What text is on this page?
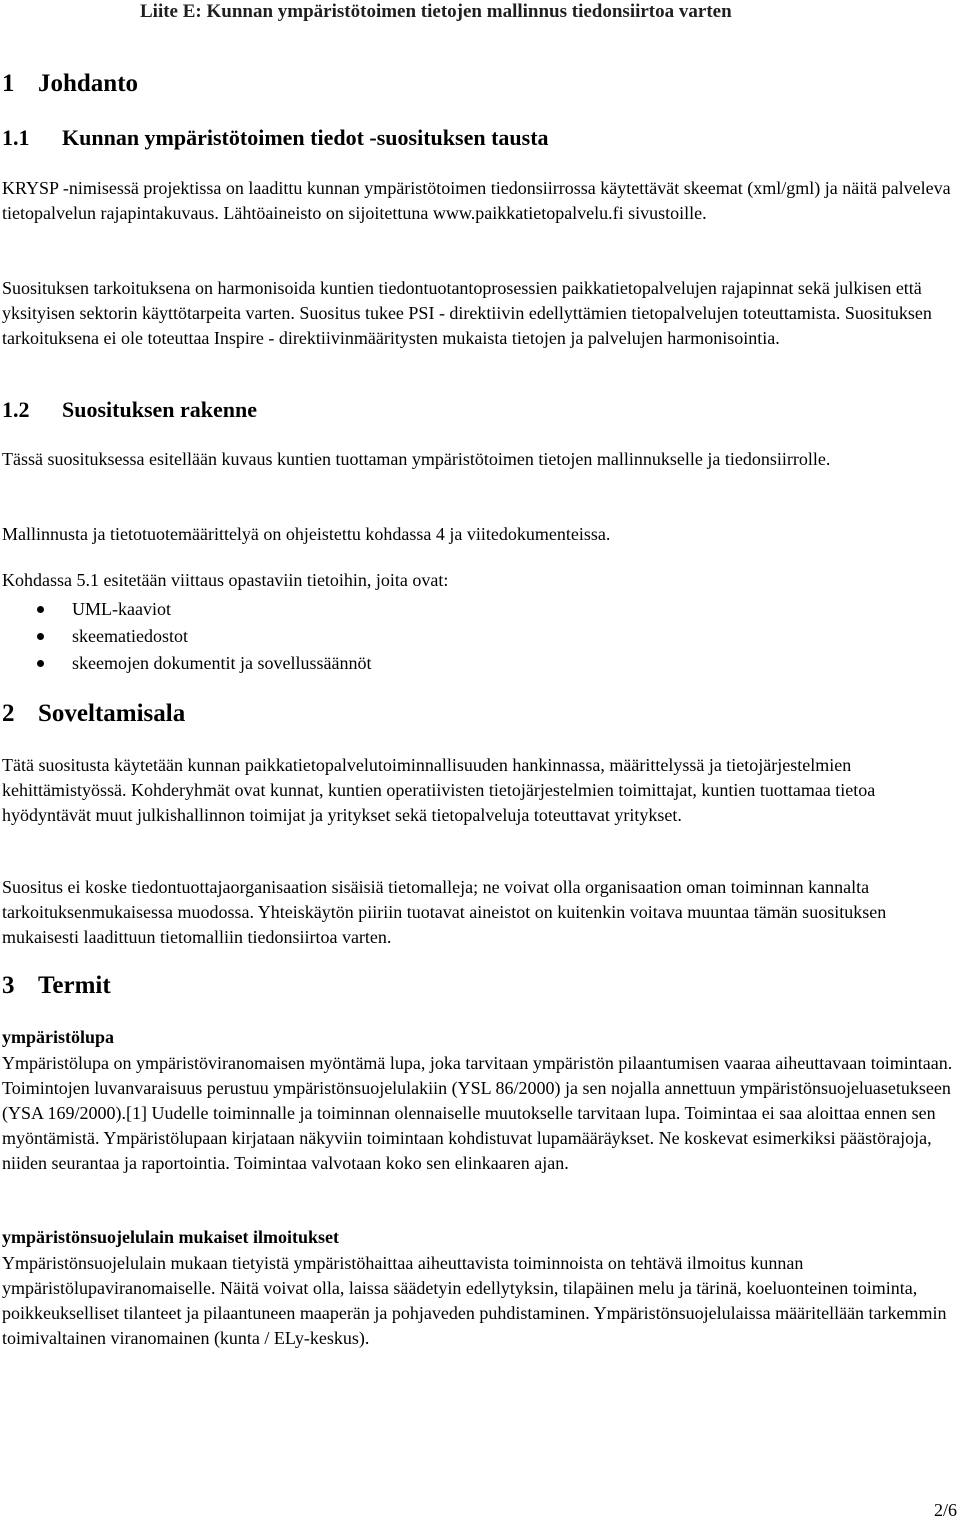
Liite E: Kunnan ympäristötoimen tietojen mallinnus tiedonsiirtoa varten
1 Johdanto
1.1 Kunnan ympäristötoimen tiedot -suosituksen tausta

KRYSP -nimisessä projektissa on laadittu kunnan ympäristötoimen tiedonsiirrossa käytettävät skeemat (xml/gml) ja näitä palveleva tietopalvelun rajapintakuvaus. Lähtöaineisto on sijoitettuna www.paikkatietopalvelu.fi sivustoille.

Suosituksen tarkoituksena on harmonisoida kuntien tiedontuotantoprosessien paikkatietopalvelujen rajapinnat sekä julkisen että yksityisen sektorin käyttötarpeita varten. Suositus tukee PSI - direktiivin edellyttämien tietopalvelujen toteuttamista. Suosituksen tarkoituksena ei ole toteuttaa Inspire - direktiivinmääritysten mukaista tietojen ja palvelujen harmonisointia.

1.2 Suosituksen rakenne

Tässä suosituksessa esitellään kuvaus kuntien tuottaman ympäristötoimen tietojen mallinnukselle ja tiedonsiirrolle.

Mallinnusta ja tietotuotemäärittelyä on ohjeistettu kohdassa 4 ja viitedokumenteissa.

Kohdassa 5.1 esitetään viittaus opastaviin tietoihin, joita ovat:

UML-kaaviot
skeematiedostot
skeemojen dokumentit ja sovellussäännöt
2 Soveltamisala

Tätä suositusta käytetään kunnan paikkatietopalvelutoiminnallisuuden hankinnassa, määrittelyssä ja tietojärjestelmien kehittämistyössä. Kohderyhmät ovat kunnat, kuntien operatiivisten tietojärjestelmien toimittajat, kuntien tuottamaa tietoa hyödyntävät muut julkishallinnon toimijat ja yritykset sekä tietopalveluja toteuttavat yritykset.

Suositus ei koske tiedontuottajaorganisaation sisäisiä tietomalleja; ne voivat olla organisaation oman toiminnan kannalta tarkoituksenmukaisessa muodossa. Yhteiskäytön piiriin tuotavat aineistot on kuitenkin voitava muuntaa tämän suosituksen mukaisesti laadittuun tietomalliin tiedonsiirtoa varten.

3 Termit
ympäristölupa

Ympäristölupa on ympäristöviranomaisen myöntämä lupa, joka tarvitaan ympäristön pilaantumisen vaaraa aiheuttavaan toimintaan. Toimintojen luvanvaraisuus perustuu ympäristönsuojelulakiin (YSL 86/2000) ja sen nojalla annettuun ympäristönsuojeluasetukseen (YSA 169/2000).[1] Uudelle toiminnalle ja toiminnan olennaiselle muutokselle tarvitaan lupa. Toimintaa ei saa aloittaa ennen sen myöntämistä. Ympäristölupaan kirjataan näkyviin toimintaan kohdistuvat lupamääräykset. Ne koskevat esimerkiksi päästörajoja, niiden seurantaa ja raportointia. Toimintaa valvotaan koko sen elinkaaren ajan.

ympäristönsuojelulain mukaiset ilmoitukset

Ympäristönsuojelulain mukaan tietyistä ympäristöhaittaa aiheuttavista toiminnoista on tehtävä ilmoitus kunnan ympäristölupaviranomaiselle. Näitä voivat olla, laissa säädetyin edellytyksin, tilapäinen melu ja tärinä, koeluonteinen toiminta, poikkeukselliset tilanteet ja pilaantuneen maaperän ja pohjaveden puhdistaminen. Ympäristönsuojelulaissa määritellään tarkemmin toimivaltainen viranomainen (kunta / ELy-keskus).

2/6
